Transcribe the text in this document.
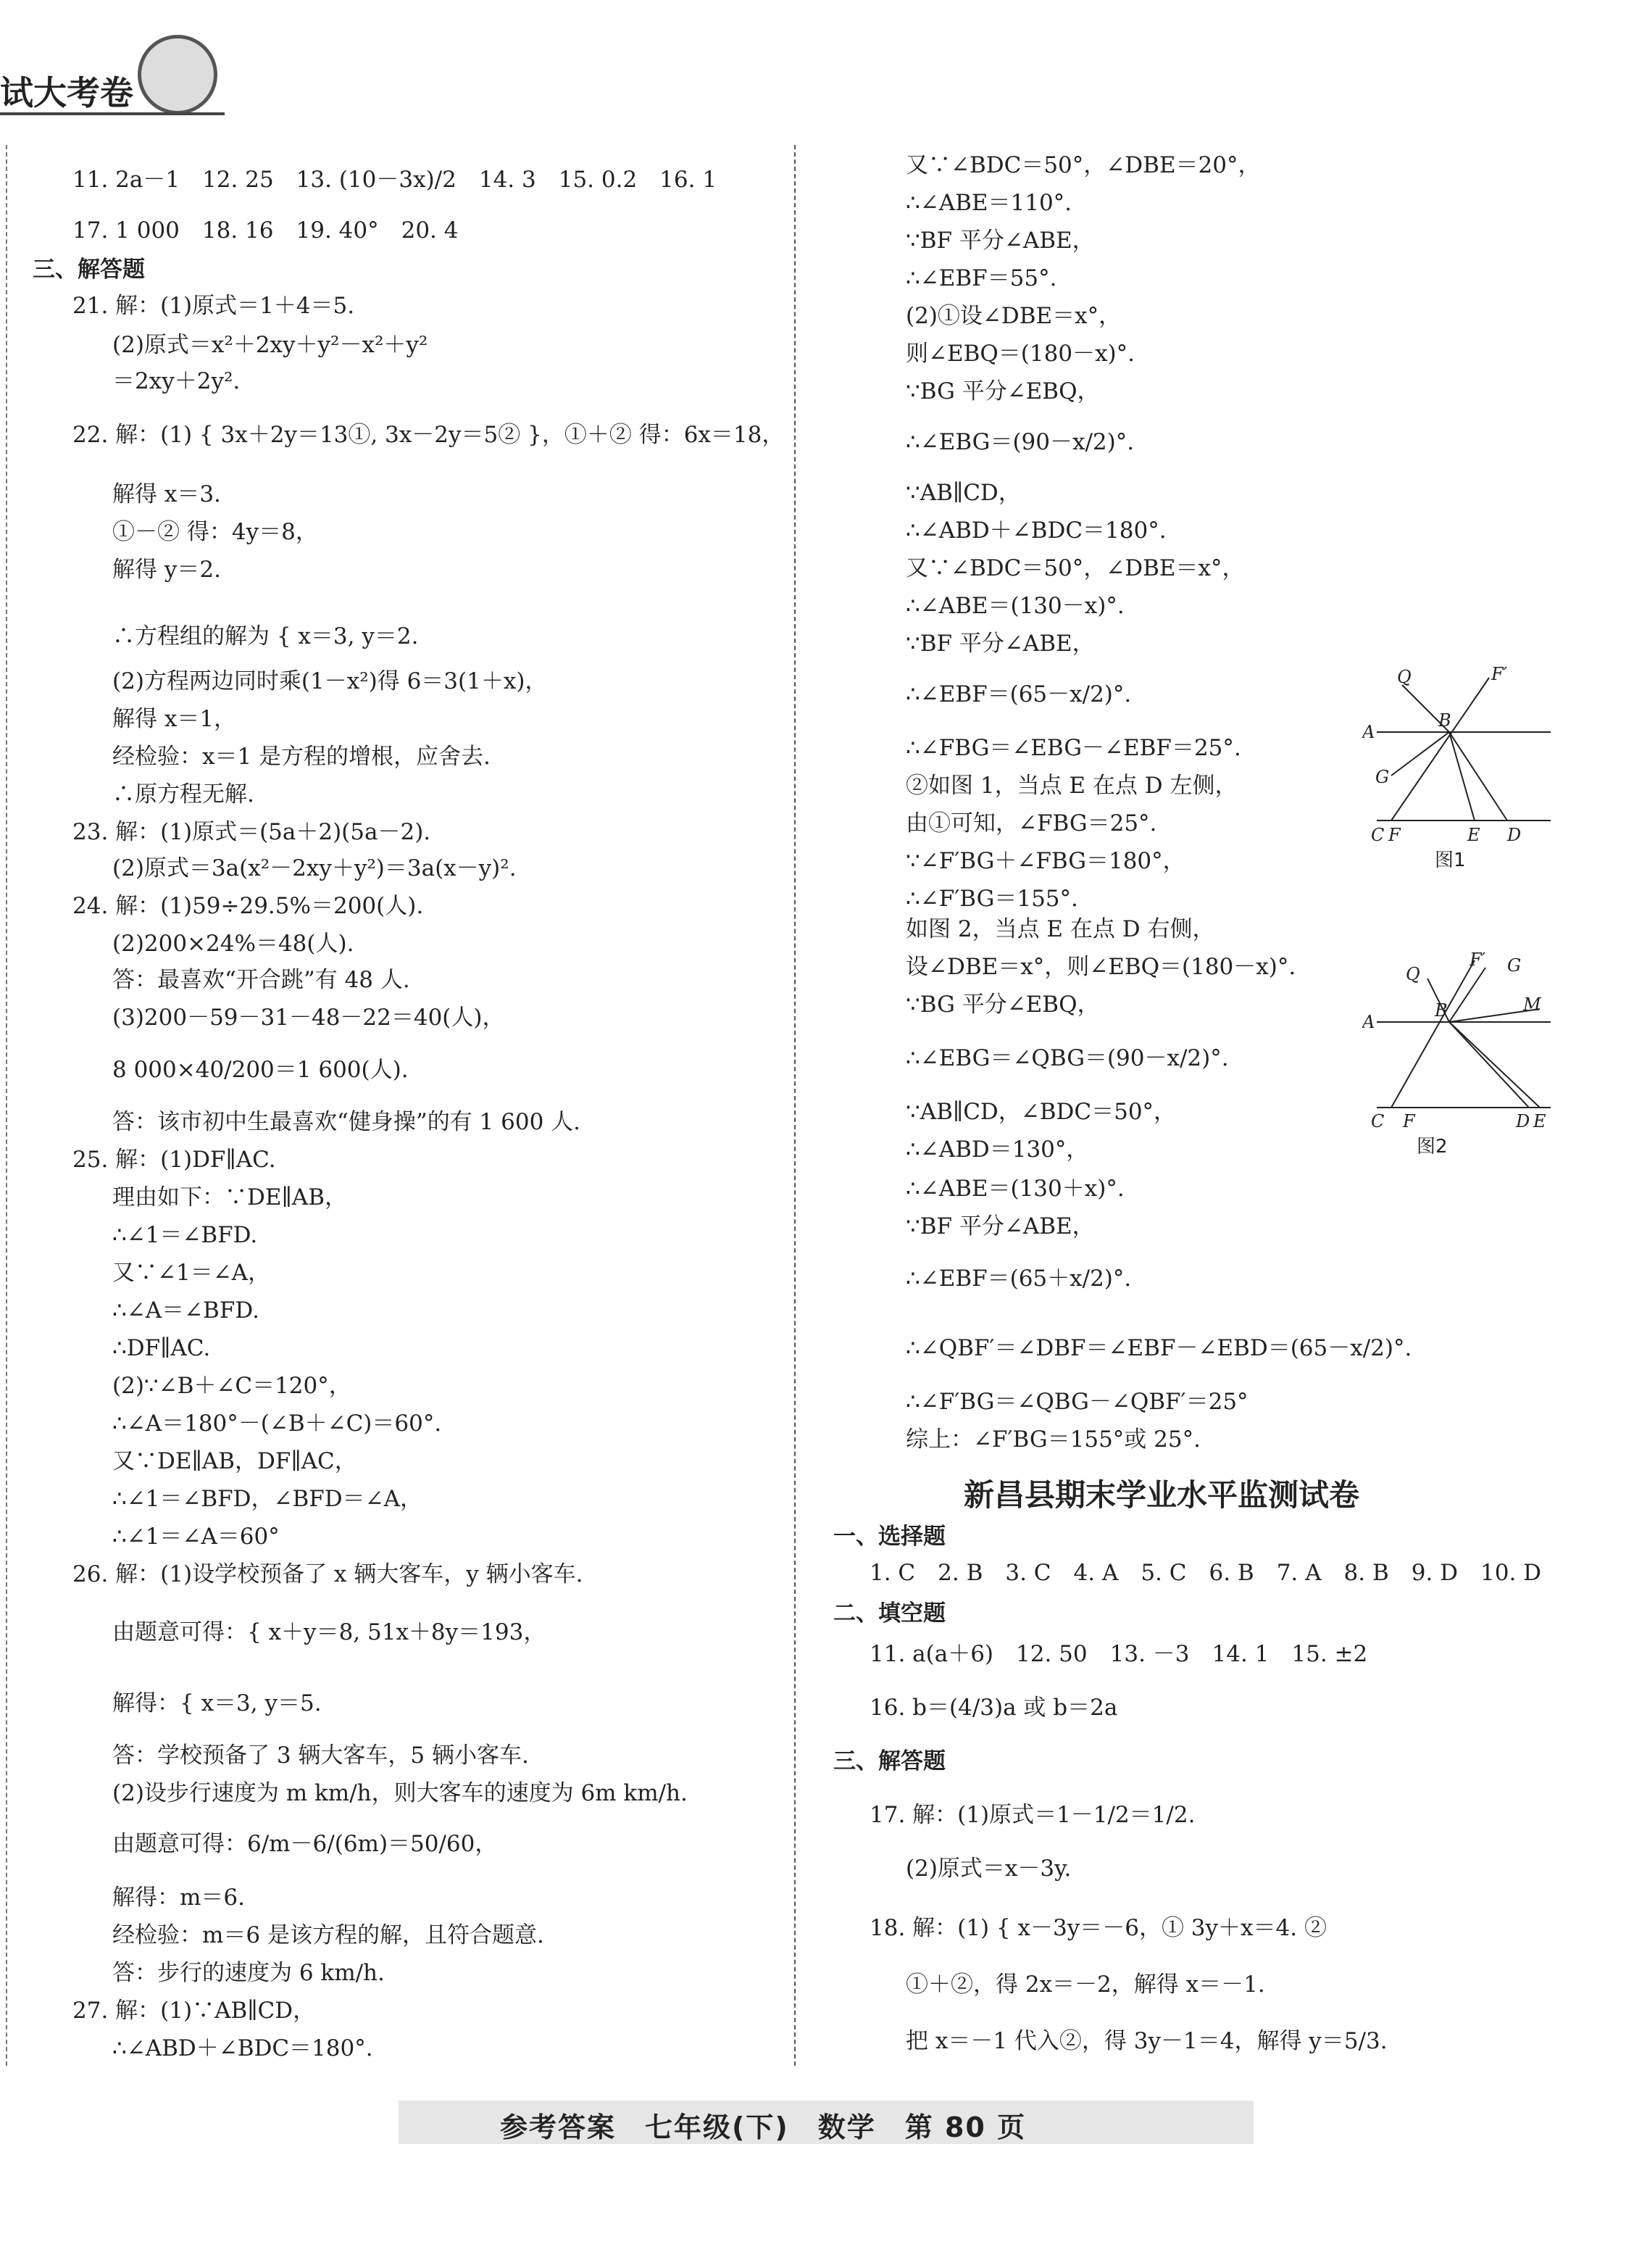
试大考卷
11. 2a－1　12. 25　13. (10－3x)/2　14. 3　15. 0.2　16. 1
17. 1 000　18. 16　19. 40°　20. 4
三、解答题
21. 解：(1)原式＝1＋4＝5.
(2)原式＝x²＋2xy＋y²－x²＋y²
＝2xy＋2y².
22. 解：(1) { 3x＋2y＝13①, 3x－2y＝5② }，①＋② 得：6x＝18，
解得 x＝3.
①－② 得：4y＝8，
解得 y＝2.
∴方程组的解为 { x＝3, y＝2.
(2)方程两边同时乘(1－x²)得 6＝3(1＋x)，
解得 x＝1，
经检验：x＝1 是方程的增根，应舍去.
∴原方程无解.
23. 解：(1)原式＝(5a＋2)(5a－2).
(2)原式＝3a(x²－2xy＋y²)＝3a(x－y)².
24. 解：(1)59÷29.5%＝200(人).
(2)200×24%＝48(人).
答：最喜欢“开合跳”有 48 人.
(3)200－59－31－48－22＝40(人)，
8 000×40/200＝1 600(人).
答：该市初中生最喜欢“健身操”的有 1 600 人.
25. 解：(1)DF∥AC.
理由如下：∵DE∥AB，
∴∠1＝∠BFD.
又∵∠1＝∠A，
∴∠A＝∠BFD.
∴DF∥AC.
(2)∵∠B＋∠C＝120°，
∴∠A＝180°－(∠B＋∠C)＝60°.
又∵DE∥AB，DF∥AC，
∴∠1＝∠BFD，∠BFD＝∠A，
∴∠1＝∠A＝60°
26. 解：(1)设学校预备了 x 辆大客车，y 辆小客车.
由题意可得：{ x＋y＝8, 51x＋8y＝193，
解得：{ x＝3, y＝5.
答：学校预备了 3 辆大客车，5 辆小客车.
(2)设步行速度为 m km/h，则大客车的速度为 6m km/h.
由题意可得：6/m－6/(6m)＝50/60，
解得：m＝6.
经检验：m＝6 是该方程的解，且符合题意.
答：步行的速度为 6 km/h.
27. 解：(1)∵AB∥CD，
∴∠ABD＋∠BDC＝180°.
又∵∠BDC＝50°，∠DBE＝20°，
∴∠ABE＝110°.
∵BF 平分∠ABE，
∴∠EBF＝55°.
(2)①设∠DBE＝x°，
则∠EBQ＝(180－x)°.
∵BG 平分∠EBQ，
∴∠EBG＝(90－x/2)°.
∵AB∥CD，
∴∠ABD＋∠BDC＝180°.
又∵∠BDC＝50°，∠DBE＝x°，
∴∠ABE＝(130－x)°.
∵BF 平分∠ABE，
∴∠EBF＝(65－x/2)°.
∴∠FBG＝∠EBG－∠EBF＝25°.
②如图 1，当点 E 在点 D 左侧，
由①可知，∠FBG＝25°.
∵∠F′BG＋∠FBG＝180°，
∴∠F′BG＝155°.
如图 2，当点 E 在点 D 右侧，
设∠DBE＝x°，则∠EBQ＝(180－x)°.
∵BG 平分∠EBQ，
∴∠EBG＝∠QBG＝(90－x/2)°.
∵AB∥CD，∠BDC＝50°，
∴∠ABD＝130°，
∴∠ABE＝(130＋x)°.
∵BF 平分∠ABE，
∴∠EBF＝(65＋x/2)°.
∴∠QBF′＝∠DBF＝∠EBF－∠EBD＝(65－x/2)°.
∴∠F′BG＝∠QBG－∠QBF′＝25°
综上：∠F′BG＝155°或 25°.
新昌县期末学业水平监测试卷
一、选择题
1. C　2. B　3. C　4. A　5. C　6. B　7. A　8. B　9. D　10. D
二、填空题
11. a(a＋6)　12. 50　13. －3　14. 1　15. ±2
16. b＝(4/3)a 或 b＝2a
三、解答题
17. 解：(1)原式＝1－1/2＝1/2.
(2)原式＝x－3y.
18. 解：(1) { x－3y＝－6，① 3y＋x＝4. ②
①＋②，得 2x＝－2，解得 x＝－1.
把 x＝－1 代入②，得 3y－1＝4，解得 y＝5/3.
Q	F′
A
B
G
C F	E D
图1
Q
F′ G
A
B	M
C F	D E
图2
参考答案　七年级(下)　数学　第 80 页
